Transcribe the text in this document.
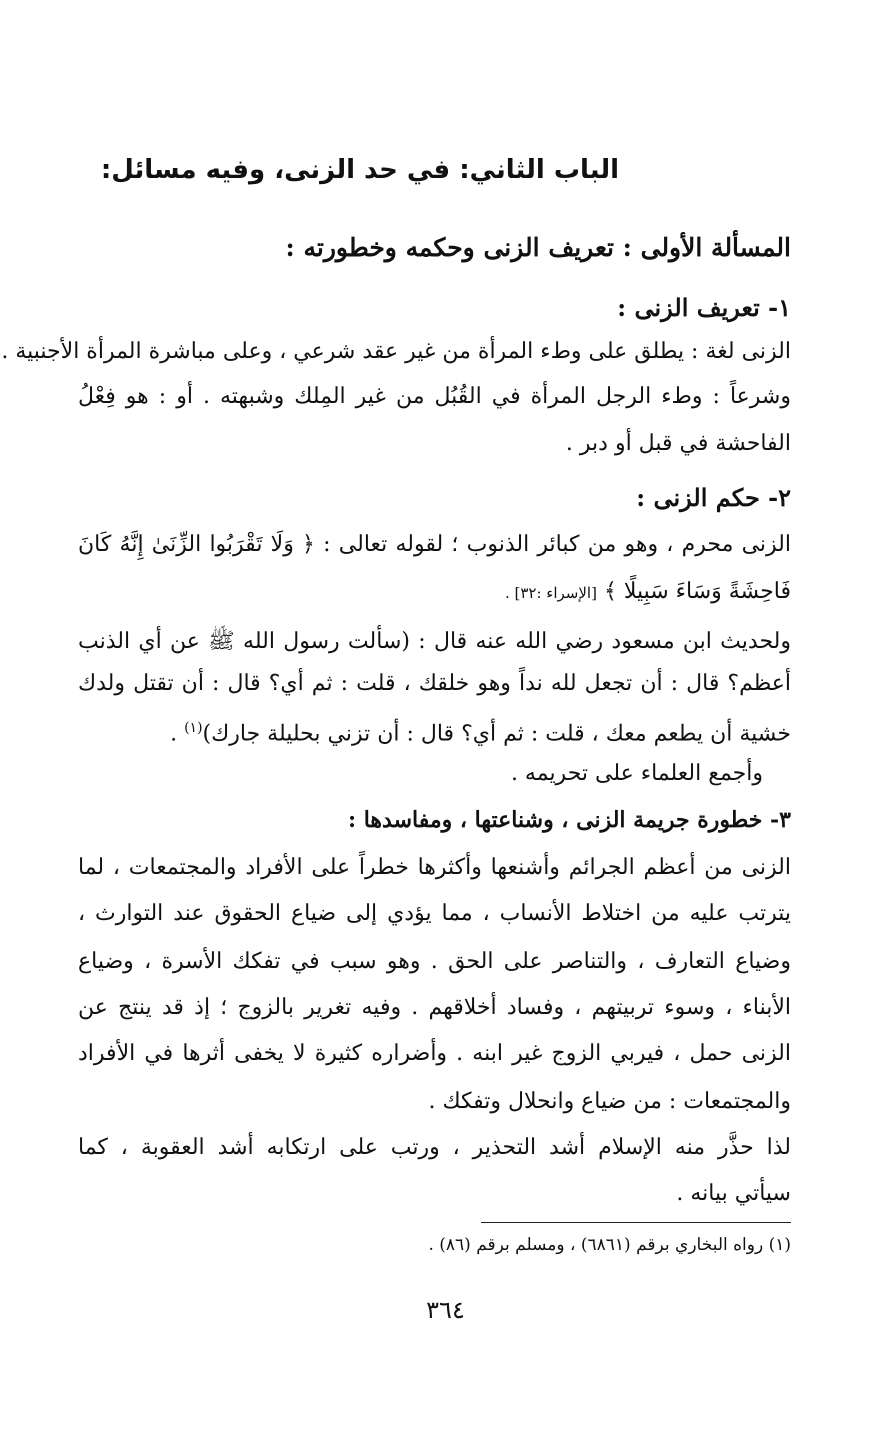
الباب الثاني: في حد الزنى، وفيه مسائل:
المسألة الأولى : تعريف الزنى وحكمه وخطورته :
١- تعريف الزنى :
الزنى لغة : يطلق على وطء المرأة من غير عقد شرعي ، وعلى مباشرة المرأة الأجنبية .
وشرعاً : وطء الرجل المرأة في القُبُل من غير المِلك وشبهته . أو : هو فِعْلُ
الفاحشة في قبل أو دبر .
٢- حكم الزنى :
الزنى محرم ، وهو من كبائر الذنوب ؛ لقوله تعالى : ﴿ وَلَا تَقْرَبُوا الزِّنَىٰ إِنَّهُ كَانَ
فَاحِشَةً وَسَاءَ سَبِيلًا ﴾ [الإسراء :٣٢] .
ولحديث ابن مسعود رضي الله عنه قال : (سألت رسول الله ﷺ عن أي الذنب
أعظم؟ قال : أن تجعل لله نداً وهو خلقك ، قلت : ثم أي؟ قال : أن تقتل ولدك
خشية أن يطعم معك ، قلت : ثم أي؟ قال : أن تزني بحليلة جارك)$^{(١)}$ .
وأجمع العلماء على تحريمه .
٣- خطورة جريمة الزنى ، وشناعتها ، ومفاسدها :
الزنى من أعظم الجرائم وأشنعها وأكثرها خطراً على الأفراد والمجتمعات ، لما
يترتب عليه من اختلاط الأنساب ، مما يؤدي إلى ضياع الحقوق عند التوارث ،
وضياع التعارف ، والتناصر على الحق . وهو سبب في تفكك الأسرة ، وضياع
الأبناء ، وسوء تربيتهم ، وفساد أخلاقهم . وفيه تغرير بالزوج ؛ إذ قد ينتج عن
الزنى حمل ، فيربي الزوج غير ابنه . وأضراره كثيرة لا يخفى أثرها في الأفراد
والمجتمعات : من ضياع وانحلال وتفكك .
لذا حذَّر منه الإسلام أشد التحذير ، ورتب على ارتكابه أشد العقوبة ، كما
سيأتي بيانه .
(١) رواه البخاري برقم (٦٨٦١) ، ومسلم برقم (٨٦) .
٣٦٤
